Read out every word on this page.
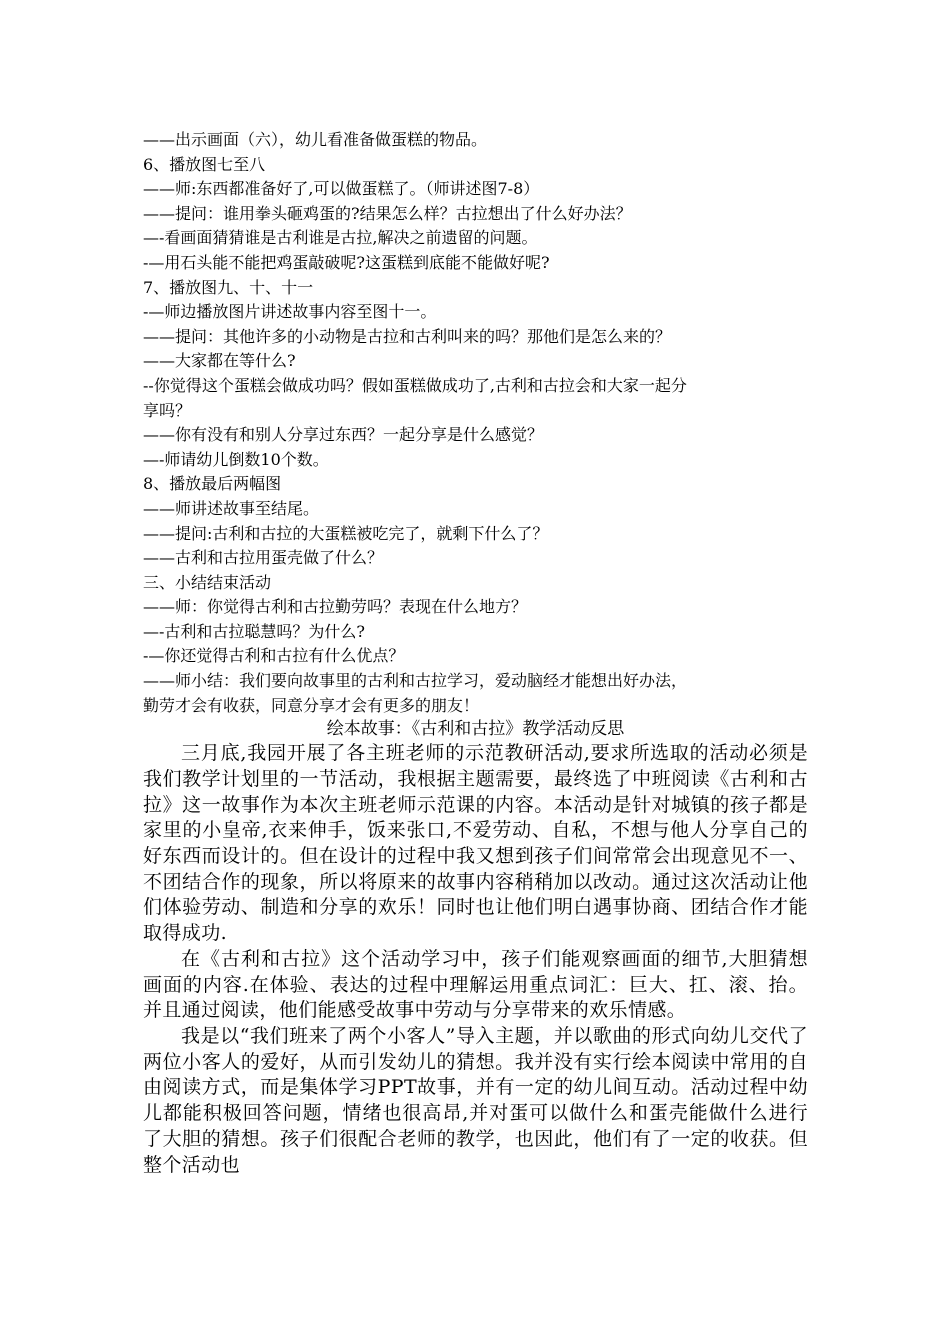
——出示画面（六），幼儿看准备做蛋糕的物品。
6、播放图七至八
——师:东西都准备好了,可以做蛋糕了。（师讲述图7-8）
——提问：谁用拳头砸鸡蛋的?结果怎么样？古拉想出了什么好办法？
—-看画面猜猜谁是古利谁是古拉,解决之前遗留的问题。
-—用石头能不能把鸡蛋敲破呢?这蛋糕到底能不能做好呢?
7、播放图九、十、十一
-—师边播放图片讲述故事内容至图十一。
——提问：其他许多的小动物是古拉和古利叫来的吗？那他们是怎么来的？
——大家都在等什么?
--你觉得这个蛋糕会做成功吗？假如蛋糕做成功了,古利和古拉会和大家一起分
享吗？
——你有没有和别人分享过东西？一起分享是什么感觉？
—-师请幼儿倒数10个数。
8、播放最后两幅图
——师讲述故事至结尾。
——提问:古利和古拉的大蛋糕被吃完了，就剩下什么了？
——古利和古拉用蛋壳做了什么？
三、小结结束活动
——师：你觉得古利和古拉勤劳吗？表现在什么地方？
—-古利和古拉聪慧吗？为什么?
-—你还觉得古利和古拉有什么优点？
——师小结：我们要向故事里的古利和古拉学习，爱动脑经才能想出好办法，
勤劳才会有收获，同意分享才会有更多的朋友！
绘本故事：《古利和古拉》教学活动反思
三月底,我园开展了各主班老师的示范教研活动,要求所选取的活动必须是我们教学计划里的一节活动，我根据主题需要，最终选了中班阅读《古利和古拉》这一故事作为本次主班老师示范课的内容。本活动是针对城镇的孩子都是家里的小皇帝,衣来伸手，饭来张口,不爱劳动、自私，不想与他人分享自己的好东西而设计的。但在设计的过程中我又想到孩子们间常常会出现意见不一、不团结合作的现象，所以将原来的故事内容稍稍加以改动。通过这次活动让他们体验劳动、制造和分享的欢乐！同时也让他们明白遇事协商、团结合作才能取得成功.
在《古利和古拉》这个活动学习中，孩子们能观察画面的细节,大胆猜想画面的内容.在体验、表达的过程中理解运用重点词汇：巨大、扛、滚、抬。并且通过阅读，他们能感受故事中劳动与分享带来的欢乐情感。
我是以“我们班来了两个小客人”导入主题，并以歌曲的形式向幼儿交代了两位小客人的爱好，从而引发幼儿的猜想。我并没有实行绘本阅读中常用的自由阅读方式，而是集体学习PPT故事，并有一定的幼儿间互动。活动过程中幼儿都能积极回答问题，情绪也很高昂,并对蛋可以做什么和蛋壳能做什么进行了大胆的猜想。孩子们很配合老师的教学，也因此，他们有了一定的收获。但整个活动也
